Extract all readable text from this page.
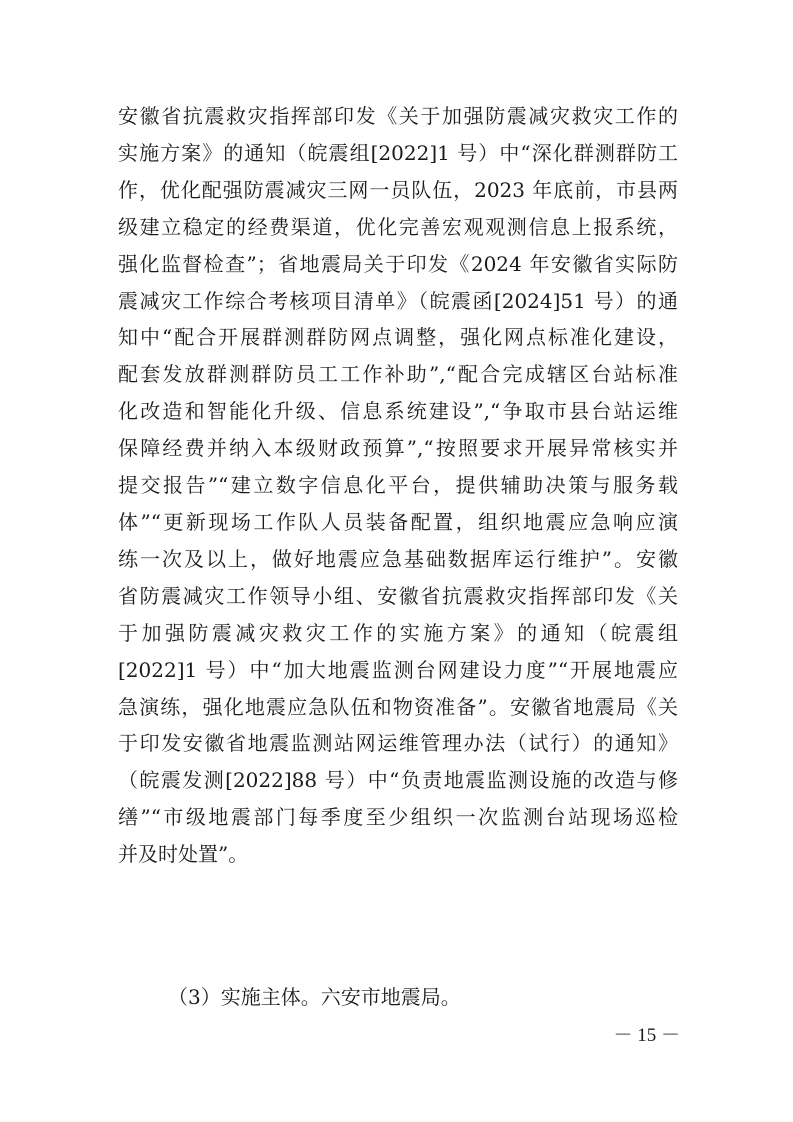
安徽省抗震救灾指挥部印发《关于加强防震减灾救灾工作的
实施方案》的通知（皖震组[2022]1 号）中“深化群测群防工
作，优化配强防震减灾三网一员队伍，2023 年底前，市县两
级建立稳定的经费渠道，优化完善宏观观测信息上报系统，
强化监督检查”；省地震局关于印发《2024 年安徽省实际防
震减灾工作综合考核项目清单》（皖震函[2024]51 号）的通
知中“配合开展群测群防网点调整，强化网点标准化建设，
配套发放群测群防员工工作补助”,“配合完成辖区台站标准
化改造和智能化升级、信息系统建设”,“争取市县台站运维
保障经费并纳入本级财政预算”,“按照要求开展异常核实并
提交报告”“建立数字信息化平台，提供辅助决策与服务载
体”“更新现场工作队人员装备配置，组织地震应急响应演
练一次及以上，做好地震应急基础数据库运行维护”。安徽
省防震减灾工作领导小组、安徽省抗震救灾指挥部印发《关
于加强防震减灾救灾工作的实施方案》的通知（皖震组
[2022]1 号）中“加大地震监测台网建设力度”“开展地震应
急演练，强化地震应急队伍和物资准备”。安徽省地震局《关
于印发安徽省地震监测站网运维管理办法（试行）的通知》
（皖震发测[2022]88 号）中“负责地震监测设施的改造与修
缮”“市级地震部门每季度至少组织一次监测台站现场巡检
并及时处置”。

（3）实施主体。六安市地震局。

－ 15 －
